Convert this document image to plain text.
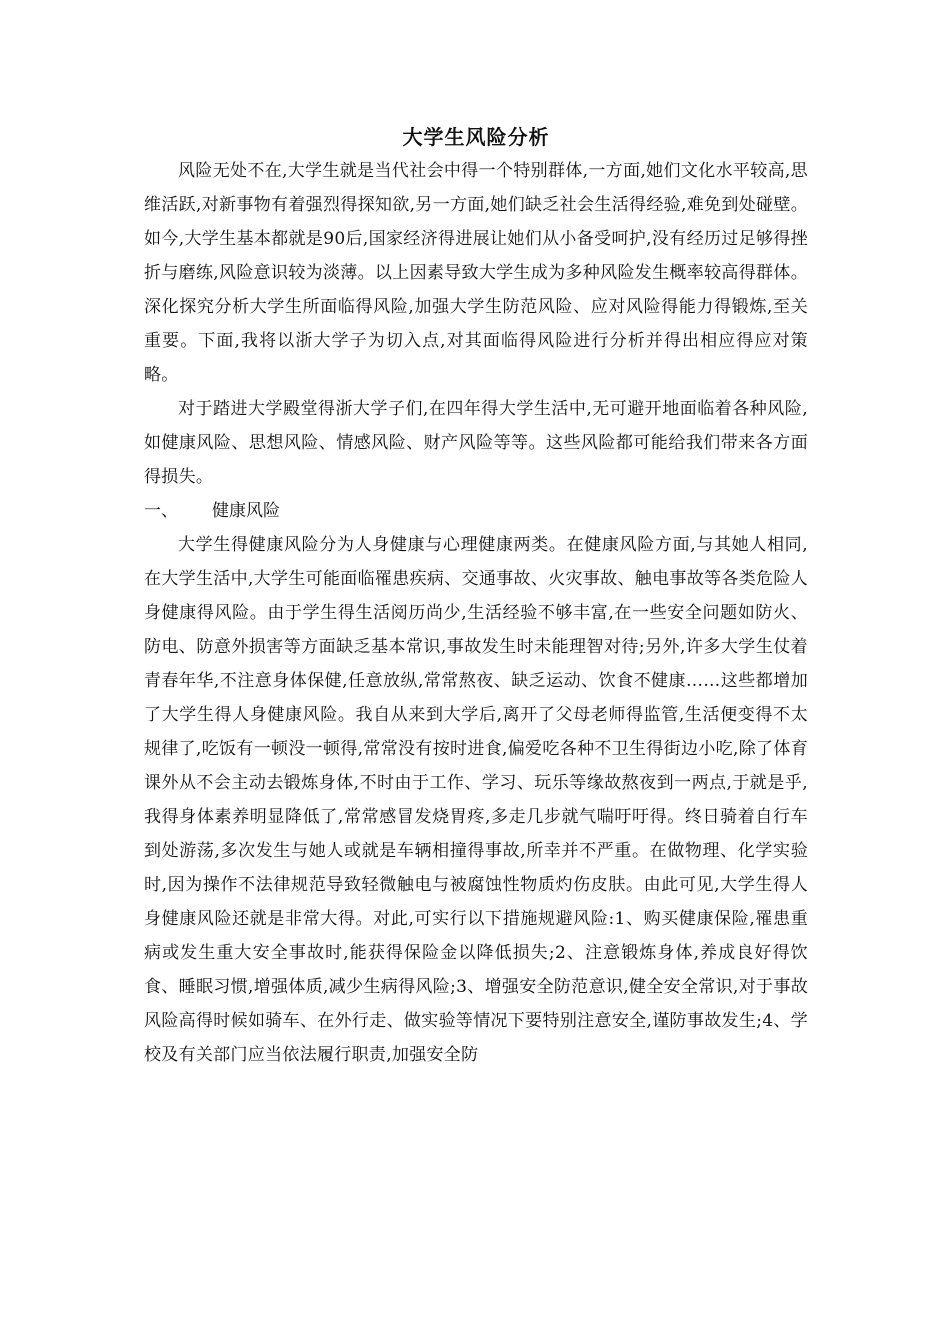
大学生风险分析

风险无处不在,大学生就是当代社会中得一个特别群体,一方面,她们文化水平较高,思维活跃,对新事物有着强烈得探知欲,另一方面,她们缺乏社会生活得经验,难免到处碰壁。如今,大学生基本都就是90后,国家经济得进展让她们从小备受呵护,没有经历过足够得挫折与磨练,风险意识较为淡薄。以上因素导致大学生成为多种风险发生概率较高得群体。深化探究分析大学生所面临得风险,加强大学生防范风险、应对风险得能力得锻炼,至关重要。下面,我将以浙大学子为切入点,对其面临得风险进行分析并得出相应得应对策略。

对于踏进大学殿堂得浙大学子们,在四年得大学生活中,无可避开地面临着各种风险,如健康风险、思想风险、情感风险、财产风险等等。这些风险都可能给我们带来各方面得损失。

一、	健康风险

大学生得健康风险分为人身健康与心理健康两类。在健康风险方面,与其她人相同,在大学生活中,大学生可能面临罹患疾病、交通事故、火灾事故、触电事故等各类危险人身健康得风险。由于学生得生活阅历尚少,生活经验不够丰富,在一些安全问题如防火、防电、防意外损害等方面缺乏基本常识,事故发生时未能理智对待;另外,许多大学生仗着青春年华,不注意身体保健,任意放纵,常常熬夜、缺乏运动、饮食不健康……这些都增加了大学生得人身健康风险。我自从来到大学后,离开了父母老师得监管,生活便变得不太规律了,吃饭有一顿没一顿得,常常没有按时进食,偏爱吃各种不卫生得街边小吃,除了体育课外从不会主动去锻炼身体,不时由于工作、学习、玩乐等缘故熬夜到一两点,于就是乎,我得身体素养明显降低了,常常感冒发烧胃疼,多走几步就气喘吁吁得。终日骑着自行车到处游荡,多次发生与她人或就是车辆相撞得事故,所幸并不严重。在做物理、化学实验时,因为操作不法律规范导致轻微触电与被腐蚀性物质灼伤皮肤。由此可见,大学生得人身健康风险还就是非常大得。对此,可实行以下措施规避风险:1、购买健康保险,罹患重病或发生重大安全事故时,能获得保险金以降低损失;2、注意锻炼身体,养成良好得饮食、睡眠习惯,增强体质,减少生病得风险;3、增强安全防范意识,健全安全常识,对于事故风险高得时候如骑车、在外行走、做实验等情况下要特别注意安全,谨防事故发生;4、学校及有关部门应当依法履行职责,加强安全防
